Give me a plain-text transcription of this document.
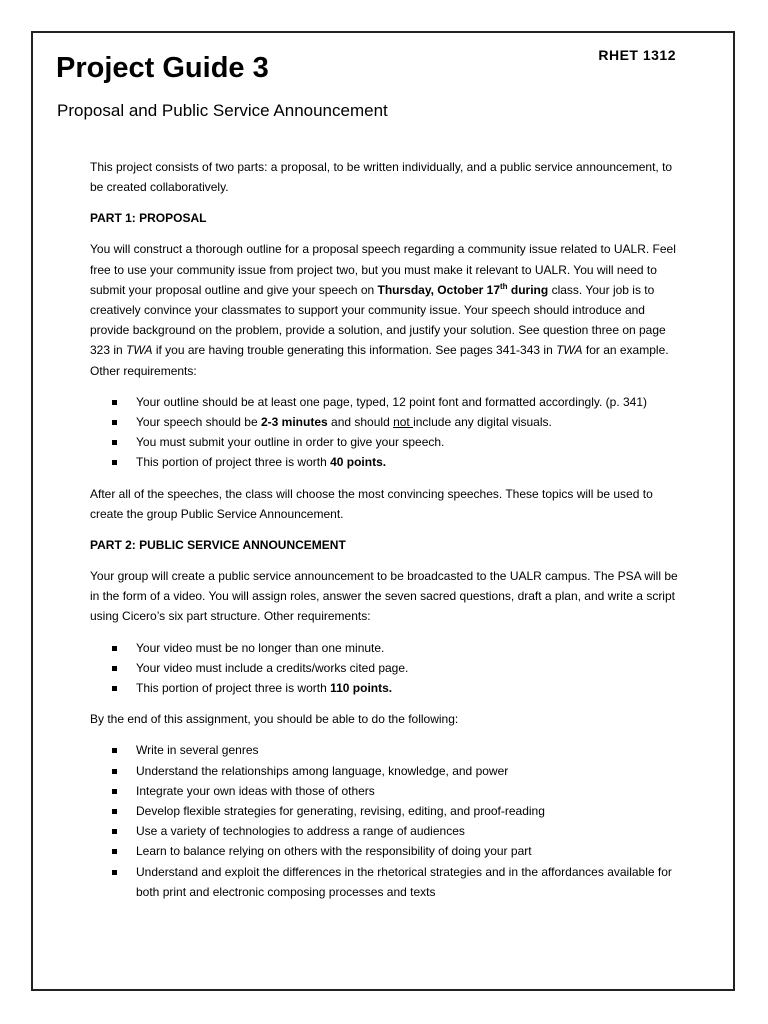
RHET 1312
Project Guide 3
Proposal and Public Service Announcement

This project consists of two parts: a proposal, to be written individually, and a public service announcement, to be created collaboratively.

PART 1: PROPOSAL

You will construct a thorough outline for a proposal speech regarding a community issue related to UALR. Feel free to use your community issue from project two, but you must make it relevant to UALR. You will need to submit your proposal outline and give your speech on Thursday, October 17th during class. Your job is to creatively convince your classmates to support your community issue. Your speech should introduce and provide background on the problem, provide a solution, and justify your solution. See question three on page 323 in TWA if you are having trouble generating this information. See pages 341-343 in TWA for an example. Other requirements:

Your outline should be at least one page, typed, 12 point font and formatted accordingly. (p. 341)
Your speech should be 2-3 minutes and should not include any digital visuals.
You must submit your outline in order to give your speech.
This portion of project three is worth 40 points.

After all of the speeches, the class will choose the most convincing speeches. These topics will be used to create the group Public Service Announcement.

PART 2: PUBLIC SERVICE ANNOUNCEMENT

Your group will create a public service announcement to be broadcasted to the UALR campus. The PSA will be in the form of a video. You will assign roles, answer the seven sacred questions, draft a plan, and write a script using Cicero’s six part structure. Other requirements:

Your video must be no longer than one minute.
Your video must include a credits/works cited page.
This portion of project three is worth 110 points.

By the end of this assignment, you should be able to do the following:

Write in several genres
Understand the relationships among language, knowledge, and power
Integrate your own ideas with those of others
Develop flexible strategies for generating, revising, editing, and proof-reading
Use a variety of technologies to address a range of audiences
Learn to balance relying on others with the responsibility of doing your part
Understand and exploit the differences in the rhetorical strategies and in the affordances available for both print and electronic composing processes and texts
